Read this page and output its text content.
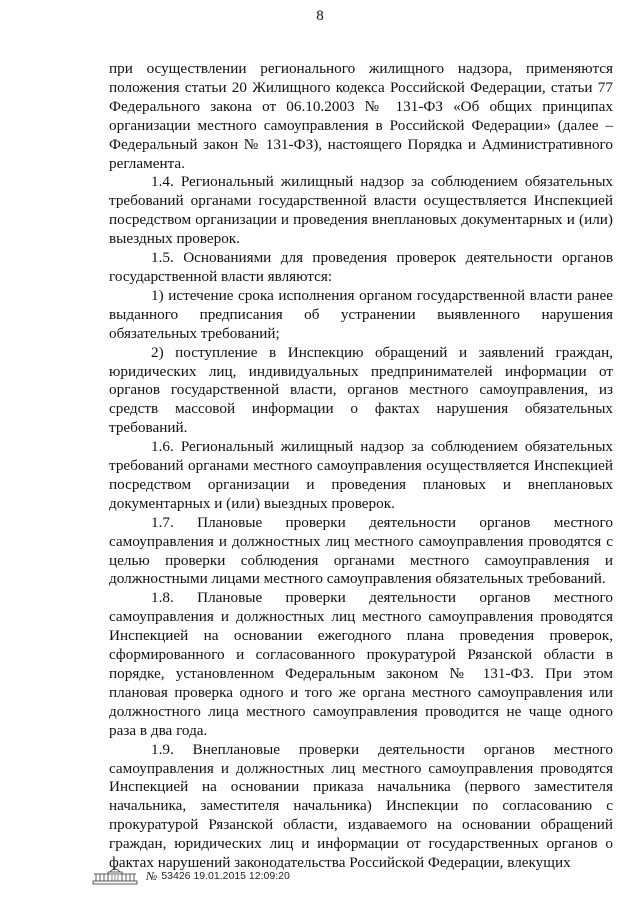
8

при осуществлении регионального жилищного надзора, применяются положения статьи 20 Жилищного кодекса Российской Федерации, статьи 77 Федерального закона от 06.10.2003 № 131-ФЗ «Об общих принципах организации местного самоуправления в Российской Федерации» (далее – Федеральный закон № 131-ФЗ), настоящего Порядка и Административного регламента.

1.4. Региональный жилищный надзор за соблюдением обязательных требований органами государственной власти осуществляется Инспекцией посредством организации и проведения внеплановых документарных и (или) выездных проверок.

1.5. Основаниями для проведения проверок деятельности органов государственной власти являются:

1) истечение срока исполнения органом государственной власти ранее выданного предписания об устранении выявленного нарушения обязательных требований;

2) поступление в Инспекцию обращений и заявлений граждан, юридических лиц, индивидуальных предпринимателей информации от органов государственной власти, органов местного самоуправления, из средств массовой информации о фактах нарушения обязательных требований.

1.6. Региональный жилищный надзор за соблюдением обязательных требований органами местного самоуправления осуществляется Инспекцией посредством организации и проведения плановых и внеплановых документарных и (или) выездных проверок.

1.7. Плановые проверки деятельности органов местного самоуправления и должностных лиц местного самоуправления проводятся с целью проверки соблюдения органами местного самоуправления и должностными лицами местного самоуправления обязательных требований.

1.8. Плановые проверки деятельности органов местного самоуправления и должностных лиц местного самоуправления проводятся Инспекцией на основании ежегодного плана проведения проверок, сформированного и согласованного прокуратурой Рязанской области в порядке, установленном Федеральным законом № 131-ФЗ. При этом плановая проверка одного и того же органа местного самоуправления или должностного лица местного самоуправления проводится не чаще одного раза в два года.

1.9. Внеплановые проверки деятельности органов местного самоуправления и должностных лиц местного самоуправления проводятся Инспекцией на основании приказа начальника (первого заместителя начальника, заместителя начальника) Инспекции по согласованию с прокуратурой Рязанской области, издаваемого на основании обращений граждан, юридических лиц и информации от государственных органов о фактах нарушений законодательства Российской Федерации, влекущих

№ 53426 19.01.2015 12:09:20
